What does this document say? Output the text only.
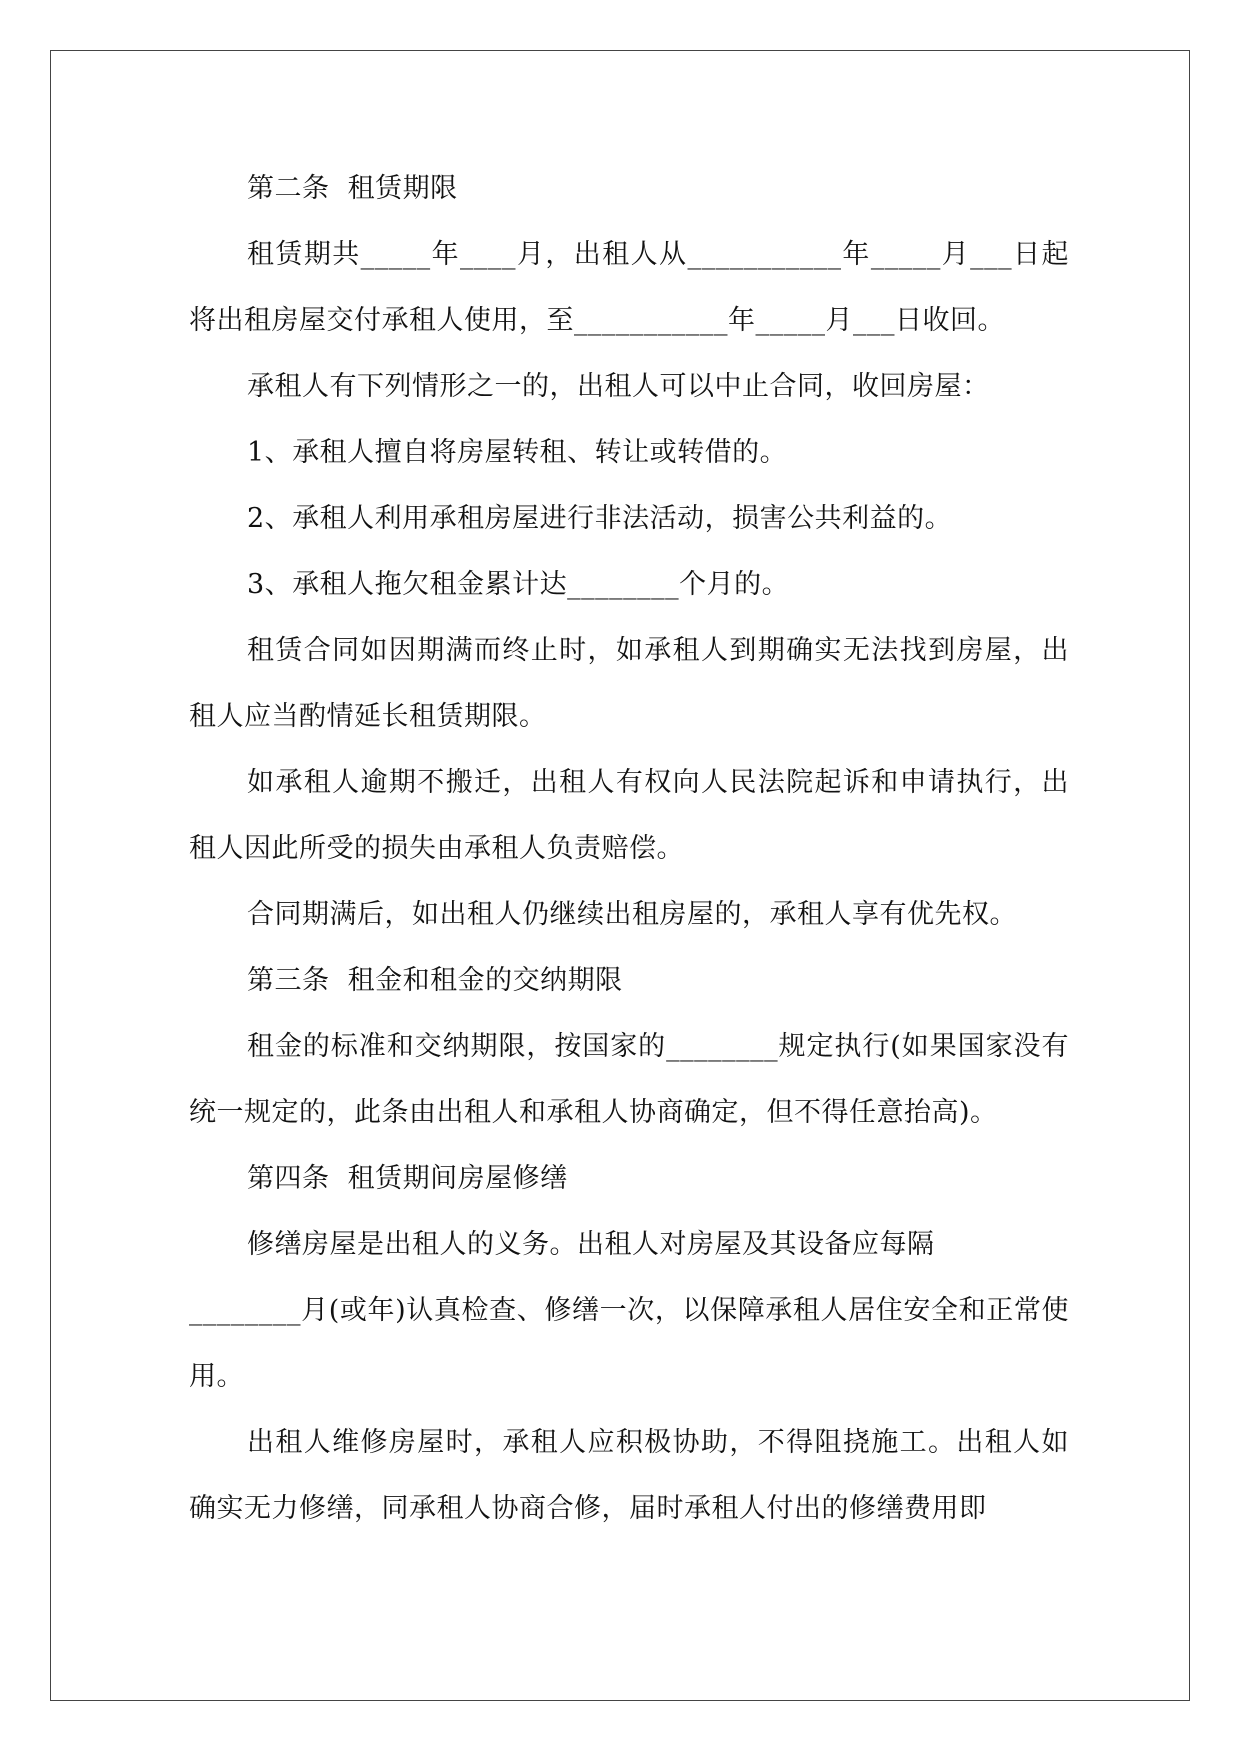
第二条  租赁期限

租赁期共_____年____月，出租人从___________年_____月___日起将出租房屋交付承租人使用，至___________年_____月___日收回。

承租人有下列情形之一的，出租人可以中止合同，收回房屋：

1、承租人擅自将房屋转租、转让或转借的。

2、承租人利用承租房屋进行非法活动，损害公共利益的。

3、承租人拖欠租金累计达________个月的。

租赁合同如因期满而终止时，如承租人到期确实无法找到房屋，出租人应当酌情延长租赁期限。

如承租人逾期不搬迁，出租人有权向人民法院起诉和申请执行，出租人因此所受的损失由承租人负责赔偿。

合同期满后，如出租人仍继续出租房屋的，承租人享有优先权。

第三条  租金和租金的交纳期限

租金的标准和交纳期限，按国家的________规定执行(如果国家没有统一规定的，此条由出租人和承租人协商确定，但不得任意抬高)。

第四条  租赁期间房屋修缮

修缮房屋是出租人的义务。出租人对房屋及其设备应每隔

________月(或年)认真检查、修缮一次，以保障承租人居住安全和正常使用。

出租人维修房屋时，承租人应积极协助，不得阻挠施工。出租人如确实无力修缮，同承租人协商合修，届时承租人付出的修缮费用即
